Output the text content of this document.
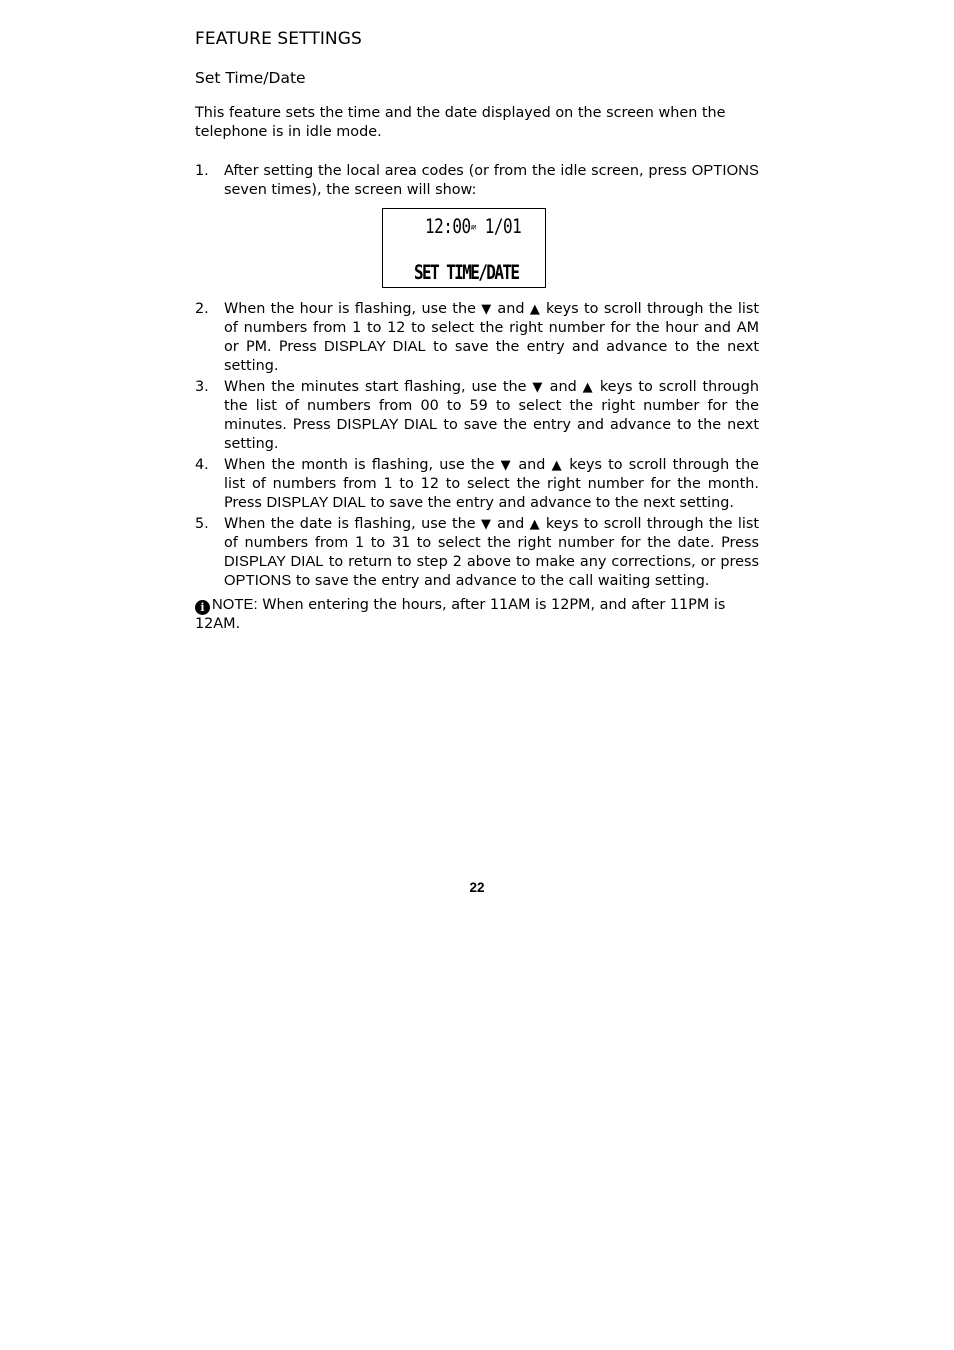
FEATURE SETTINGS
Set Time/Date

This feature sets the time and the date displayed on the screen when the telephone is in idle mode.

1. After setting the local area codes (or from the idle screen, press OPTIONS seven times), the screen will show:
$12:00^{AM}$ 1/01
SET TIME/DATE
2. When the hour is flashing, use the ▼ and ▲ keys to scroll through the list of numbers from 1 to 12 to select the right number for the hour and AM or PM. Press DISPLAY DIAL to save the entry and advance to the next setting.
3. When the minutes start flashing, use the ▼ and ▲ keys to scroll through the list of numbers from 00 to 59 to select the right number for the minutes. Press DISPLAY DIAL to save the entry and advance to the next setting.
4. When the month is flashing, use the ▼ and ▲ keys to scroll through the list of numbers from 1 to 12 to select the right number for the month. Press DISPLAY DIAL to save the entry and advance to the next setting.
5. When the date is flashing, use the ▼ and ▲ keys to scroll through the list of numbers from 1 to 31 to select the right number for the date. Press DISPLAY DIAL to return to step 2 above to make any corrections, or press OPTIONS to save the entry and advance to the call waiting setting.

i NOTE: When entering the hours, after 11AM is 12PM, and after 11PM is 12AM.

22
